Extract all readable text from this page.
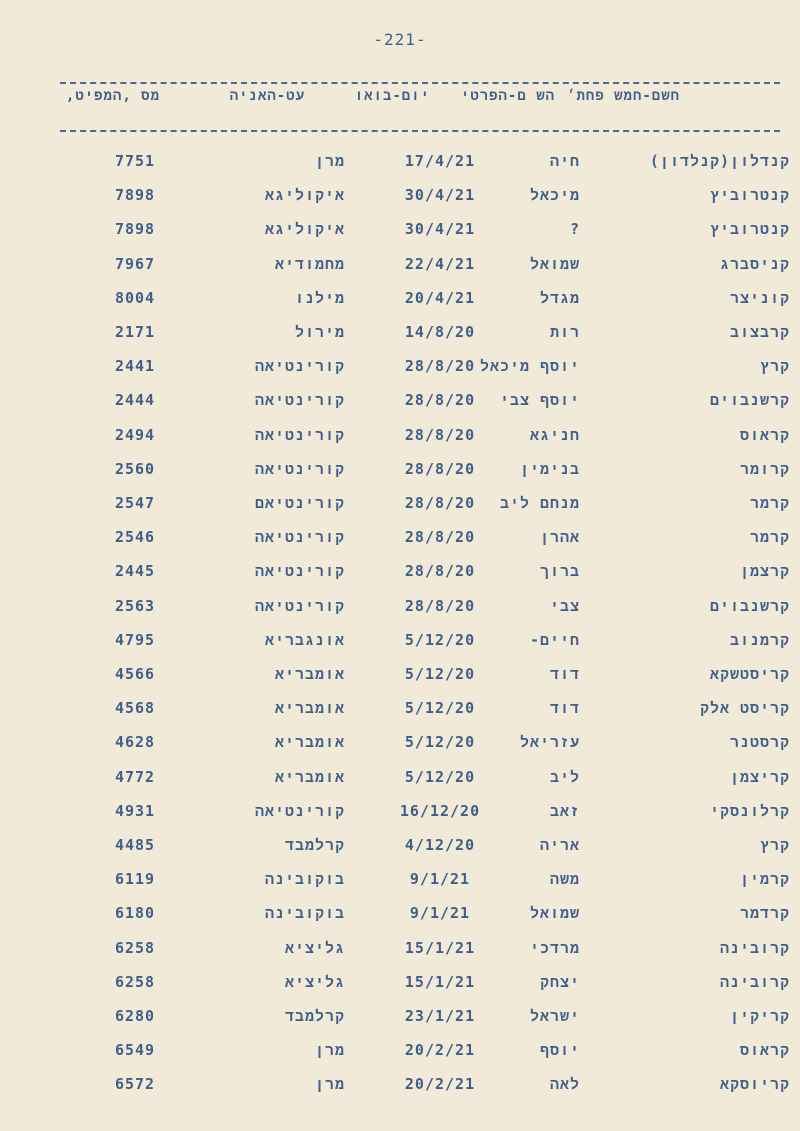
-221-
חשם-חמש פחת׳
הש ם-הפרטי
יום-בואו
עט-האניה
מס ,המפיט,
קנדלון(קנלדון)
חיה
17/4/21
מרן
7751
קנטרוביץ
מיכאל
30/4/21
איקוליגא
7898
קנטרוביץ
?
30/4/21
איקוליגא
7898
קניסברג
שמואל
22/4/21
מחמודיא
7967
קוניצר
מגדל
20/4/21
מילנו
8004
קרבצוב
רות
14/8/20
מירול
2171
קרץ
יוסף מיכאל
28/8/20
קורינטיאה
2441
קרשנבוים
יוסף צבי
28/8/20
קורינטיאה
2444
קראוס
חניגא
28/8/20
קורינטיאה
2494
קרומר
בנימין
28/8/20
קורינטיאה
2560
קרמר
מנחם ליב
28/8/20
קורינטיאם
2547
קרמר
אהרן
28/8/20
קורינטיאה
2546
קרצמן
ברוך
28/8/20
קורינטיאה
2445
קרשנבוים
צבי
28/8/20
קורינטיאה
2563
קרמנוב
חיים-
5/12/20
אונגבריא
4795
קריסטשקא
דוד
5/12/20
אומבריא
4566
קריסט אלק
דוד
5/12/20
אומבריא
4568
קרסטנר
עזריאל
5/12/20
אומבריא
4628
קריצמן
ליב
5/12/20
אומבריא
4772
קרלונסקי
זאב
16/12/20
קורינטיאה
4931
קרץ
אריה
4/12/20
קרלמבד
4485
קרמין
משה
9/1/21
בוקובינה
6119
קרדמר
שמואל
9/1/21
בוקובינה
6180
קרובינה
מרדכי
15/1/21
גליציא
6258
קרובינה
יצחק
15/1/21
גליציא
6258
קריקין
ישראל
23/1/21
קרלמבד
6280
קראוס
יוסף
20/2/21
מרן
6549
קריוסקא
לאה
20/2/21
מרן
6572
